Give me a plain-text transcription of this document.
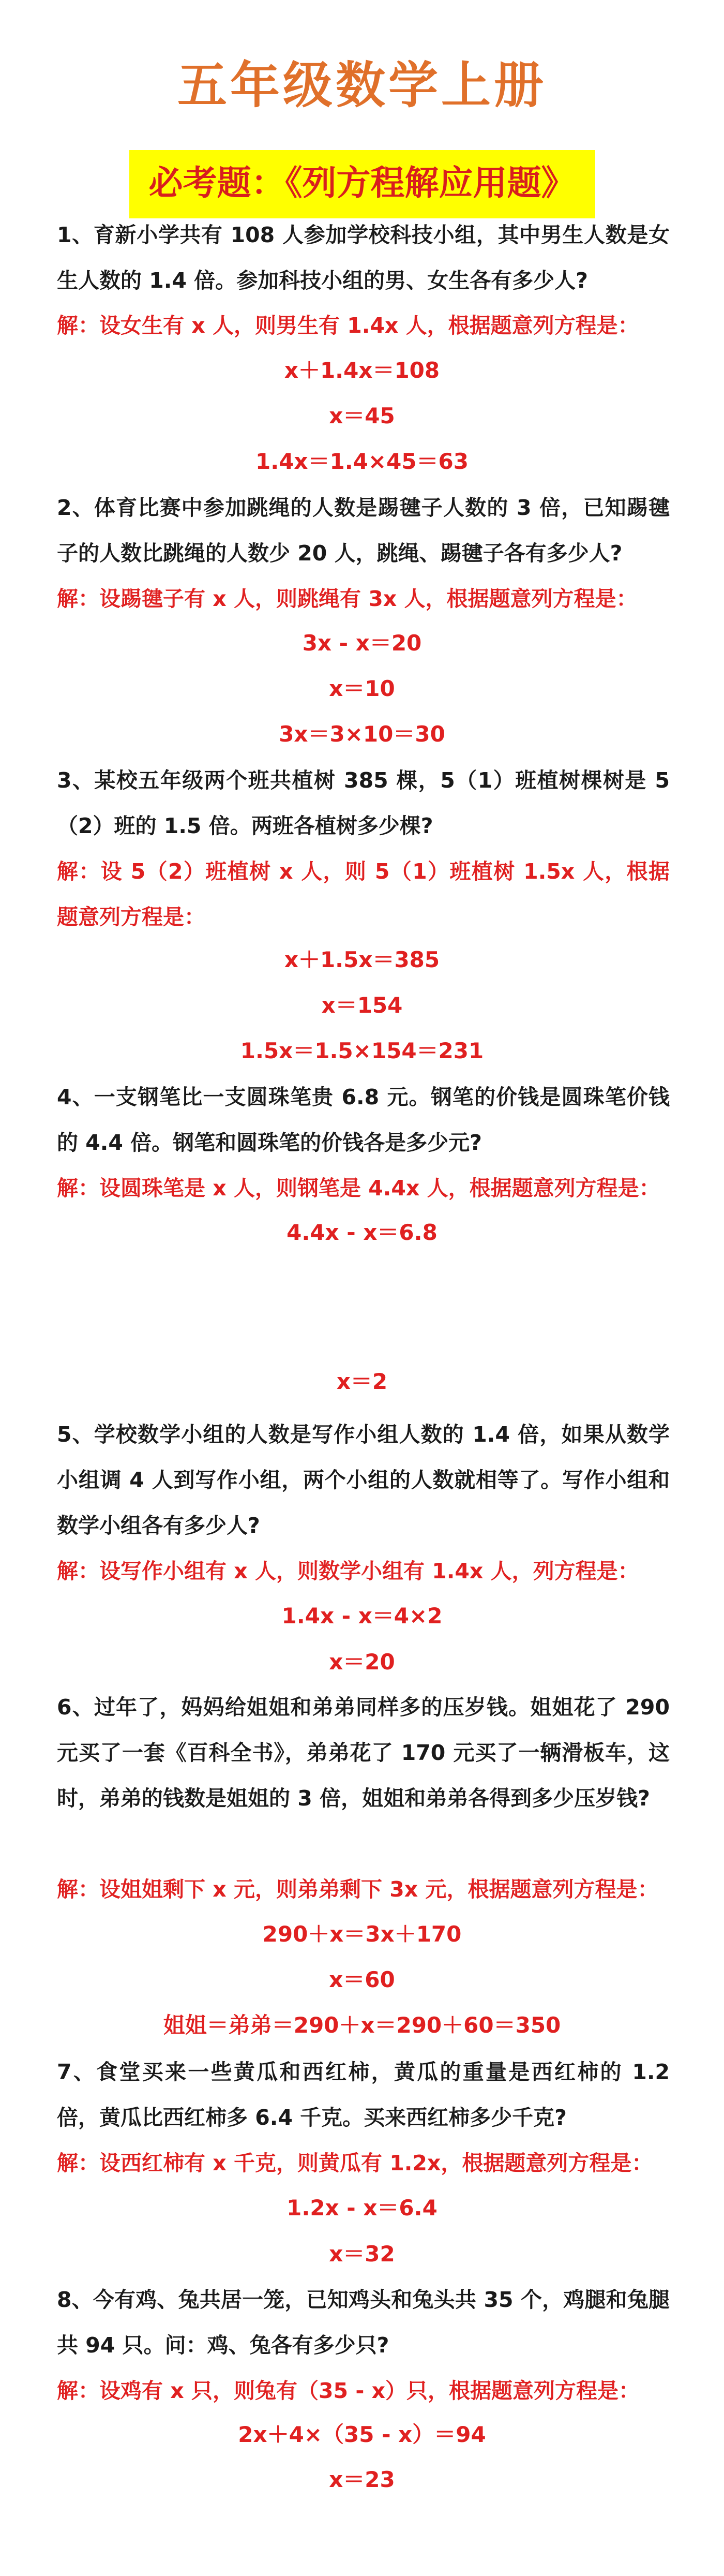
五年级数学上册
必考题：《列方程解应用题》
1、育新小学共有 108 人参加学校科技小组，其中男生人数是女生人数的 1.4 倍。参加科技小组的男、女生各有多少人?
解：设女生有 x 人，则男生有 1.4x 人，根据题意列方程是：
x＋1.4x＝108
x＝45
1.4x＝1.4×45＝63
2、体育比赛中参加跳绳的人数是踢毽子人数的 3 倍，已知踢毽子的人数比跳绳的人数少 20 人，跳绳、踢毽子各有多少人?
解：设踢毽子有 x 人，则跳绳有 3x 人，根据题意列方程是：
3x - x＝20
x＝10
3x＝3×10＝30
3、某校五年级两个班共植树 385 棵，5（1）班植树棵树是 5（2）班的 1.5 倍。两班各植树多少棵?
解：设 5（2）班植树 x 人，则 5（1）班植树 1.5x 人，根据题意列方程是：
x＋1.5x＝385
x＝154
1.5x＝1.5×154＝231
4、一支钢笔比一支圆珠笔贵 6.8 元。钢笔的价钱是圆珠笔价钱的 4.4 倍。钢笔和圆珠笔的价钱各是多少元?
解：设圆珠笔是 x 人，则钢笔是 4.4x 人，根据题意列方程是：
4.4x - x＝6.8
x＝2
5、学校数学小组的人数是写作小组人数的 1.4 倍，如果从数学小组调 4 人到写作小组，两个小组的人数就相等了。写作小组和数学小组各有多少人?
解：设写作小组有 x 人，则数学小组有 1.4x 人，列方程是：
1.4x - x＝4×2
x＝20
6、过年了，妈妈给姐姐和弟弟同样多的压岁钱。姐姐花了 290 元买了一套《百科全书》，弟弟花了 170 元买了一辆滑板车，这时，弟弟的钱数是姐姐的 3 倍，姐姐和弟弟各得到多少压岁钱?
解：设姐姐剩下 x 元，则弟弟剩下 3x 元，根据题意列方程是：
290＋x＝3x＋170
x＝60
姐姐＝弟弟＝290＋x＝290＋60＝350
7、食堂买来一些黄瓜和西红柿，黄瓜的重量是西红柿的 1.2 倍，黄瓜比西红柿多 6.4 千克。买来西红柿多少千克?
解：设西红柿有 x 千克，则黄瓜有 1.2x，根据题意列方程是：
1.2x - x＝6.4
x＝32
8、今有鸡、兔共居一笼，已知鸡头和兔头共 35 个，鸡腿和兔腿共 94 只。问：鸡、兔各有多少只?
解：设鸡有 x 只，则兔有（35 - x）只，根据题意列方程是：
2x＋4×（35 - x）＝94
x＝23
